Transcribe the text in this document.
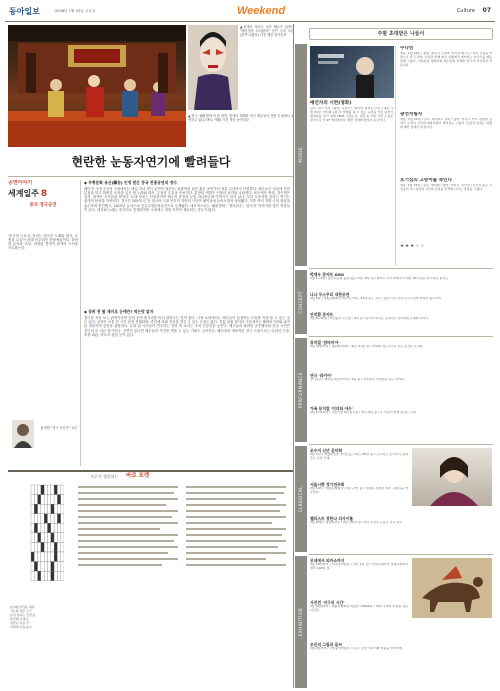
동아일보	2008년 1월 25일 금요일	Weekend	Culture 07
▲피에르 정리고 코가 벨트가 위에서 "베이징을 보러왔다" 공연 무대 모습(왼쪽 나왔다) 사진 제공 동아일보
▲'경극 '패왕별희'의 한 장면. 밤에서 재해한 경극 배우들이 전통 무대에서 공연하고 있다.(바로 아래) 사진 제공 동아일보
현란한 눈동자연기에 빨려들다
공연이야기
세계일주 8
중국 경극공연
'중국의 국보'로 불리는 경극은 노래와 대사, 무용과 무술이 한데 어우러진 종합예술이다. 화려한 분장과 의상, 과장된 몸짓이 관객의 시선을 사로잡는다.
윤정화 "경극 전문가" 교수
가로가 생각하는 바로 포켓
[문제] 빈칸을 채워
가로와 세로 모두
뜻이 통하는 단어를
완성해 보세요.
정답은 다음 주
지면에 싣습니다.
◆ 무형문화 유산(聯合) 인정 받은 중국 전통공연의 정수
베이징 시내 곳곳의 극장에서는 매일 저녁 경극 공연이 열린다. 관광객을 위한 짧은 공연부터 정통 무대까지 다양하다. 배우들은 얼굴에 진한 분장을 하고 화려한 의상을 입은 채 노래와 대사, 무용과 무술을 선보인다. 분장의 색깔은 인물의 성격을 나타낸다. 붉은색은 충성, 검은색은 강직, 흰색은 간사함을 뜻한다. 무대 장치는 단출하지만 배우의 몸짓과 눈빛 하나하나에 이야기가 담겨 있다. 특히 눈동자를 굴리는 연기는 관객의 탄성을 자아낸다. 경극은 200여 년 전 청나라 시대 안후이 지방의 극단이 베이징에 들어오면서 형성됐다. 이후 여러 지방 극의 장점을 흡수하며 발전했고, 2010년 유네스코 인류무형문화유산으로 등재됐다. 대표작으로는 '패왕별희', '귀비취주', '삼국지' 이야기를 담은 작품들이 있다. 대사와 노래는 중국어로 진행되지만 극장에는 영어 자막이 제공되는 경우가 많다.
◆ 장려 전 볼 재미로 눈에만? 먹는맛 알자
경극을 처음 보는 관객이라면 공연 전에 줄거리를 미리 알아두는 것이 좋다. 극장 로비에서는 배우들이 분장하는 모습을 직접 볼 수 있는 곳도 있다. 공연은 보통 한 시간 남짓 진행되며, 중간에 차와 간식을 즐길 수 있는 극장도 많다. 전통 찻집 형식의 극장에서는 해바라기씨와 과자를 곁들이며 공연을 관람한다. 무대 위 악사들이 연주하는 징과 북 소리는 극의 긴장감을 높인다. 배우들의 화려한 공중제비와 창술 시연은 경극의 또 다른 볼거리다. 공연이 끝나면 배우들과 사진을 찍을 수 있는 기회도 주어진다. 베이징의 대표적인 경극 극장으로는 리위안 극장, 후광 회관, 라오서 찻집 등이 있다.
주말 초대받은 나들이
MOVIE
예언자의 시련(영화)
감독: 마크 어선 / 출연: 니콜라스 케이지, 줄리안 무어 / 개봉: 1월 31일. 자신의 2분 뒤 미래를 볼 수 있는 능력을 가진 남자가 테러범을 막기 위해 FBI와 손잡는다. 필립 K 딕의 단편 소설을 원작으로 한 SF 액션물이다. 빠른 전개와 반전이 돋보인다.
쿠나빈
개봉: 1월 24일 / 출연: 레오나 트리엔, 마이클 베스트 / 원작 소설을 바탕으로 한 드라마. 가족과 함께 떠난 여행에서 벌어지는 이야기를 따뜻하게 그렸다. 아름다운 영상미와 배우들의 섬세한 연기가 어우러진 작품이다.
광선처림자
개봉: 1월 24일 / 감독: 데이비드 밀러 / 출연: 리처드 기어. 평범한 남자가 우연히 사건에 휘말리면서 벌어지는 스릴러. 긴장감 넘치는 연출과 빠른 전개가 특징이다.
호기심의 고양이를 죽인다
개봉: 1월 31일 / 감독: 양선희 / 출연: 이영진, 김민선 / 호기심 많은 주인공이 미스터리한 사건의 진실을 추적해 나가는 과정을 그렸다.
★★★☆☆
CONCERT
박재우 콘서트 GGG
2월 1~3일 / 올림픽공원 올림픽홀 / 3만~8만 원 / 발라드 가수 박재우가 데뷔 10주년을 맞아 여는 콘서트.
나나 무스꾸리 내한공연
2월 5일 / 세종문화회관 대극장 / 5만~15만 원 / 그리스 출신 가수 나나 무스꾸리의 마지막 월드투어.
안치환 콘서트
2월 8~10일 / 학전블루 소극장 / 4만 원 / 통기타 하나로 들려주는 안치환의 노래와 이야기.
PERFORMANCE
뮤지컬 '맘마미아'
3월 30일까지 / 샤롯데씨어터 / 4만~13만 원 / 아바의 히트곡으로 만든 흥겨운 뮤지컬.
연극 '라이어'
상시공연 / 대학로 파랑씨어터 / 2만 원 / 거짓말이 거짓말을 낳는 코미디.
가족 뮤지컬 '미녀와 야수'
2월 17일까지 / 국립극장 해오름극장 / 3만~6만 원 / 온 가족이 함께 즐기는 무대.
CLASSICAL
조수미 신년 음악회
2월 2일 / 예술의전당 콘서트홀 / 5만~20만 원 / 소프라노 조수미가 들려주는 신년 무대.
서울시향 정기연주회
2월 14일 / 세종문화회관 / 1만~7만 원 / 정명훈 지휘로 말러 교향곡을 연주한다.
첼리스트 장한나 리사이틀
2월 20일 / 예술의전당 / 3만~10만 원 / 바흐 무반주 모음곡 전곡 연주.
EXHIBITION
모네에서 피카소까지
3월 16일까지 / 덕수궁미술관 / 성인 1만 원 / 인상주의부터 입체주의까지 명작 100여 점.
사진전 '지구의 시간'
2월 24일까지 / 세종문화회관 미술관 / 8000원 / 세계 각지의 자연을 담은 사진전.
조선의 그림과 글씨
3월 2일까지 / 국립중앙박물관 / 무료 / 조선시대 서화 명품을 한자리에.
